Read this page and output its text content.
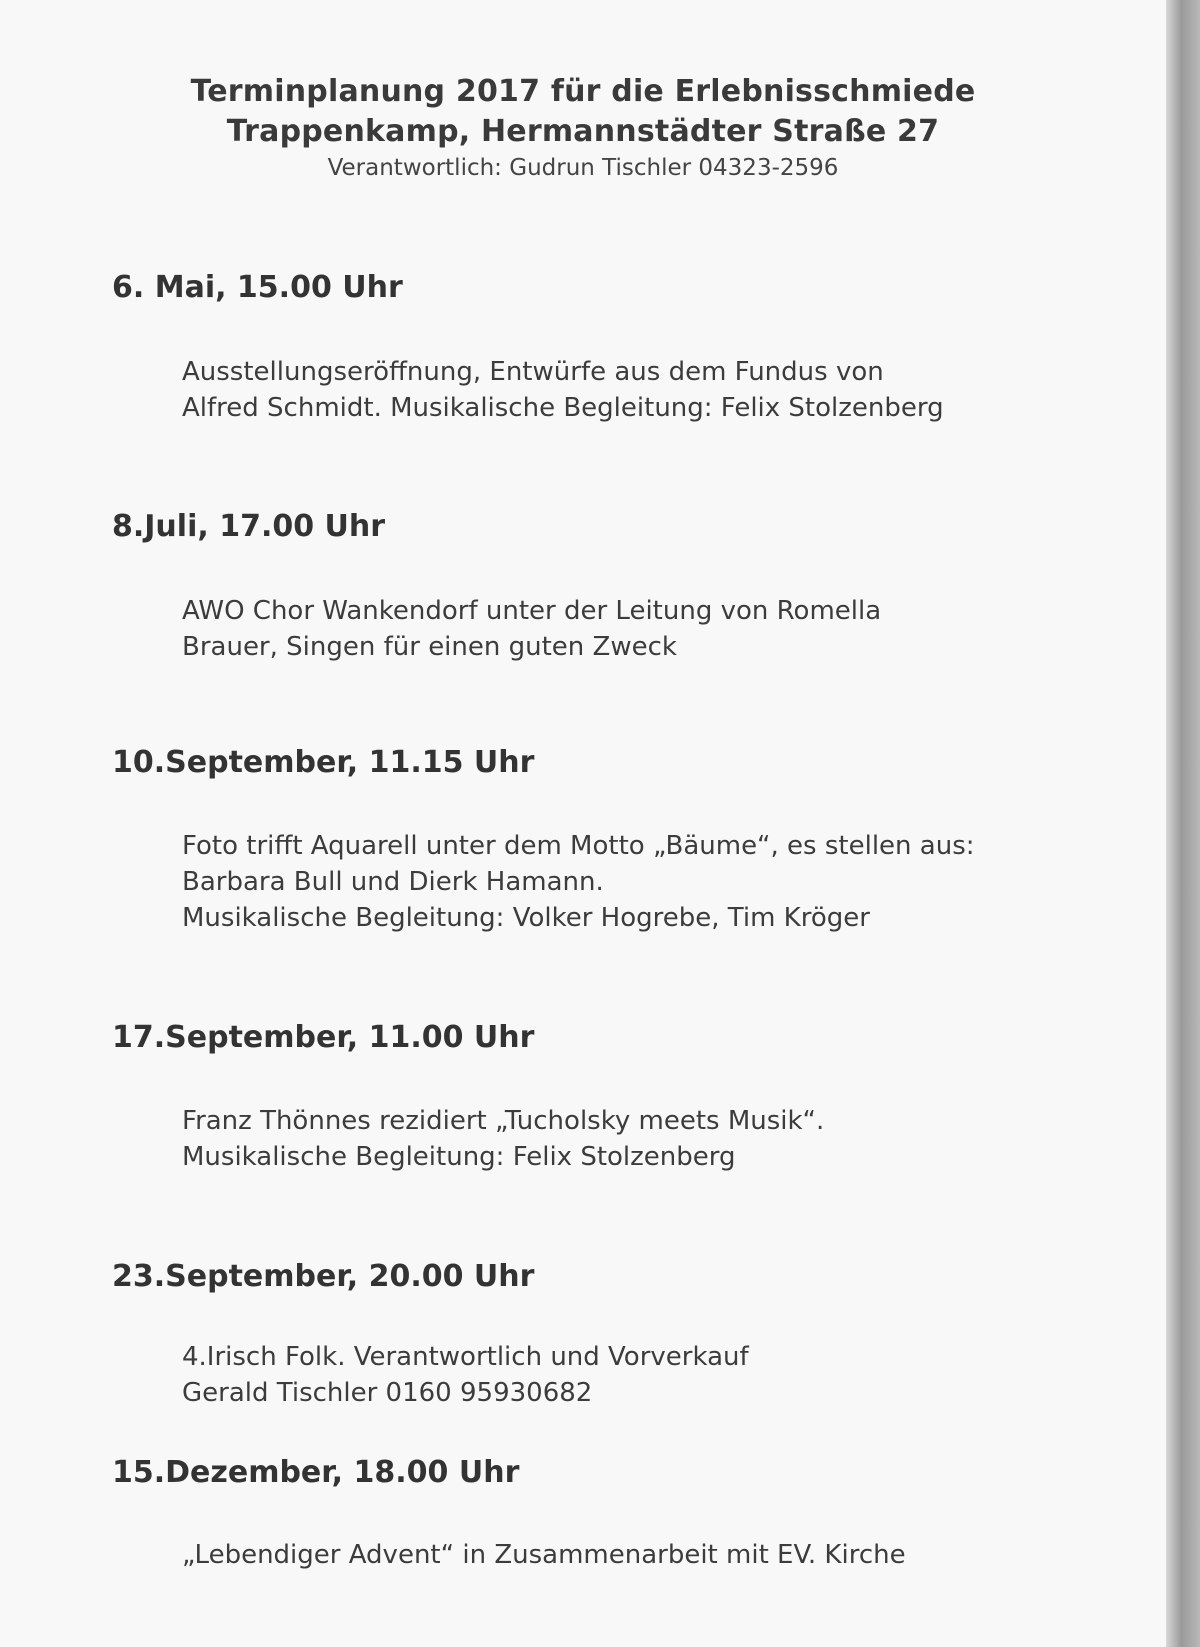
Terminplanung 2017 für die Erlebnisschmiede
Trappenkamp, Hermannstädter Straße 27
Verantwortlich: Gudrun Tischler 04323-2596
6. Mai, 15.00 Uhr
Ausstellungseröffnung, Entwürfe aus dem Fundus von
Alfred Schmidt. Musikalische Begleitung: Felix Stolzenberg
8.Juli, 17.00 Uhr
AWO Chor Wankendorf unter der Leitung von Romella
Brauer, Singen für einen guten Zweck
10.September, 11.15 Uhr
Foto trifft Aquarell unter dem Motto „Bäume“, es stellen aus:
Barbara Bull und Dierk Hamann.
Musikalische Begleitung: Volker Hogrebe, Tim Kröger
17.September, 11.00 Uhr
Franz Thönnes rezidiert „Tucholsky meets Musik“.
Musikalische Begleitung: Felix Stolzenberg
23.September, 20.00 Uhr
4.Irisch Folk. Verantwortlich und Vorverkauf
Gerald Tischler 0160 95930682
15.Dezember, 18.00 Uhr
„Lebendiger Advent“ in Zusammenarbeit mit EV. Kirche
